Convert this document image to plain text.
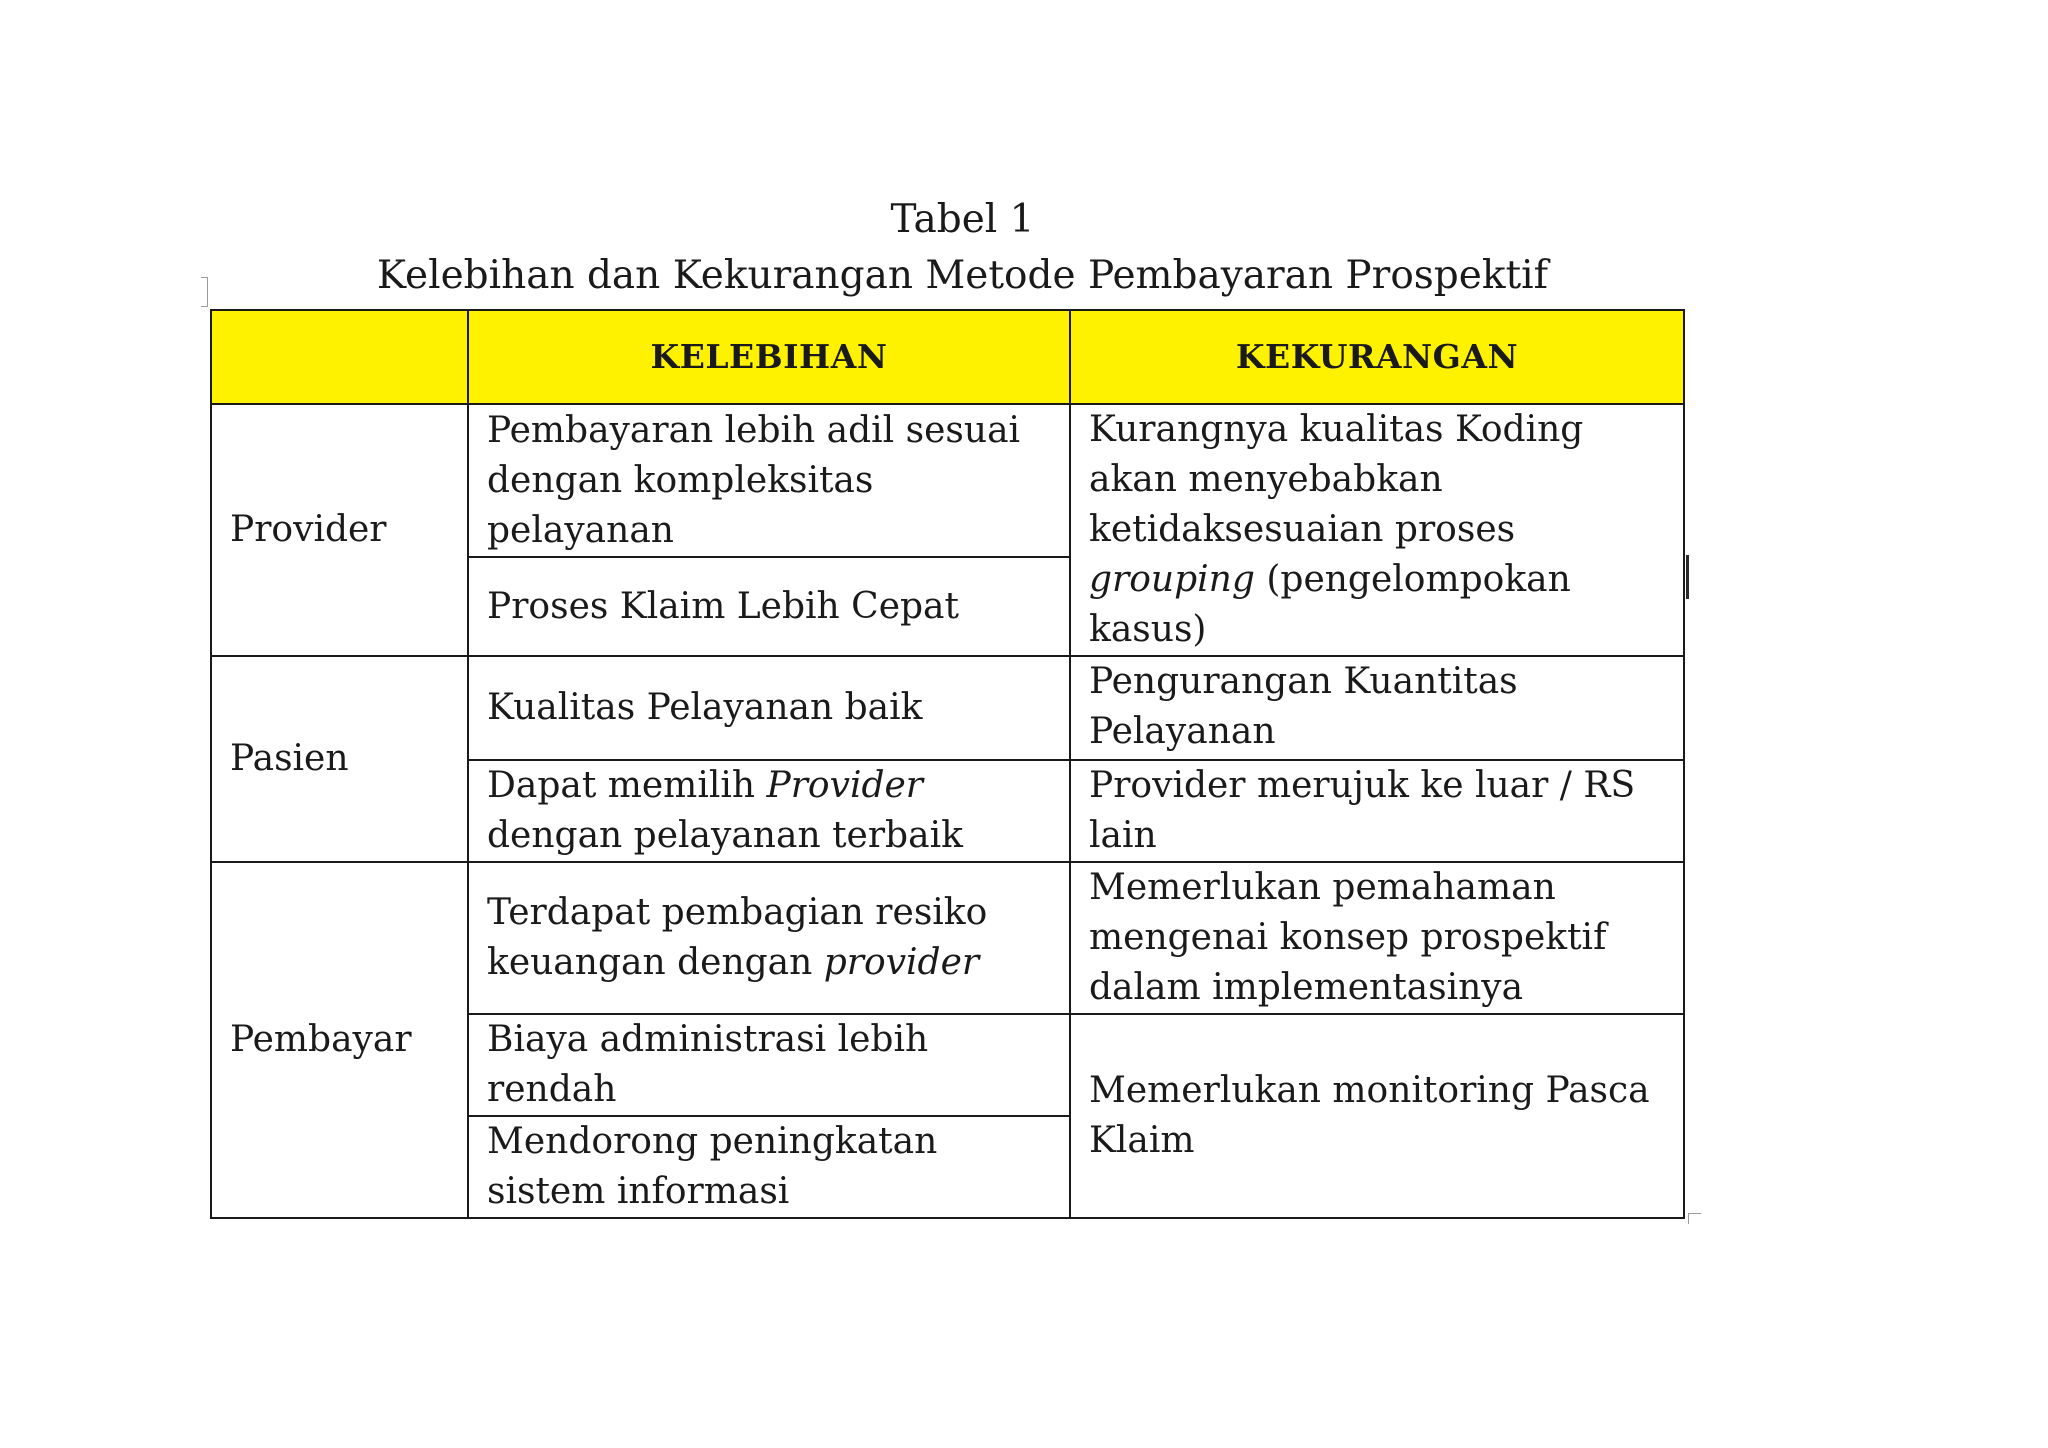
Tabel 1
Kelebihan dan Kekurangan Metode Pembayaran Prospektif
	KELEBIHAN	KEKURANGAN
Provider	Pembayaran lebih adil sesuai dengan kompleksitas pelayanan	Kurangnya kualitas Koding akan menyebabkan ketidaksesuaian proses grouping (pengelompokan kasus)
	Proses Klaim Lebih Cepat	
Pasien	Kualitas Pelayanan baik	Pengurangan Kuantitas Pelayanan
	Dapat memilih Provider dengan pelayanan terbaik	Provider merujuk ke luar / RS lain
Pembayar	Terdapat pembagian resiko keuangan dengan provider	Memerlukan pemahaman mengenai konsep prospektif dalam implementasinya
	Biaya administrasi lebih rendah	Memerlukan monitoring Pasca Klaim
	Mendorong peningkatan sistem informasi	
